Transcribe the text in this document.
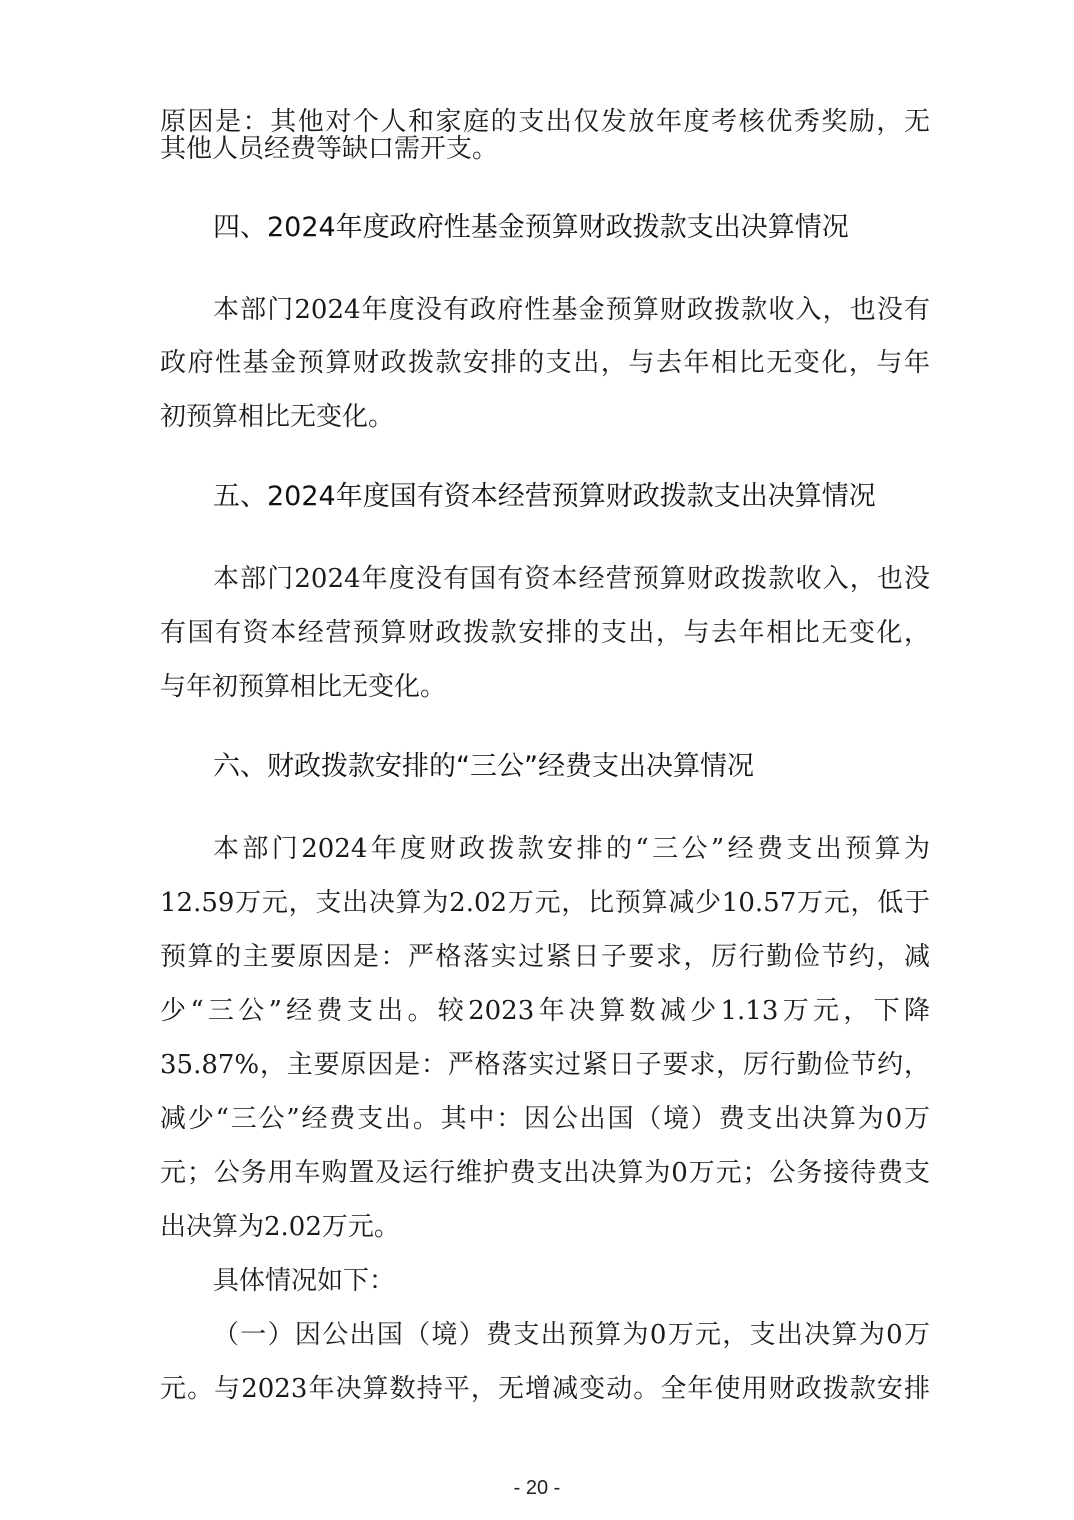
原因是：其他对个人和家庭的支出仅发放年度考核优秀奖励，无
其他人员经费等缺口需开支。
四、2024年度政府性基金预算财政拨款支出决算情况
本部门2024年度没有政府性基金预算财政拨款收入，也没有
政府性基金预算财政拨款安排的支出，与去年相比无变化，与年
初预算相比无变化。
五、2024年度国有资本经营预算财政拨款支出决算情况
本部门2024年度没有国有资本经营预算财政拨款收入，也没
有国有资本经营预算财政拨款安排的支出，与去年相比无变化，
与年初预算相比无变化。
六、财政拨款安排的“三公”经费支出决算情况
本部门2024年度财政拨款安排的“三公”经费支出预算为
12.59万元，支出决算为2.02万元，比预算减少10.57万元，低于
预算的主要原因是：严格落实过紧日子要求，厉行勤俭节约，减
少“三公”经费支出。较2023年决算数减少1.13万元，下降
35.87%，主要原因是：严格落实过紧日子要求，厉行勤俭节约，
减少“三公”经费支出。其中：因公出国（境）费支出决算为0万
元；公务用车购置及运行维护费支出决算为0万元；公务接待费支
出决算为2.02万元。
具体情况如下：
（一）因公出国（境）费支出预算为0万元，支出决算为0万
元。与2023年决算数持平，无增减变动。全年使用财政拨款安排
- 20 -
